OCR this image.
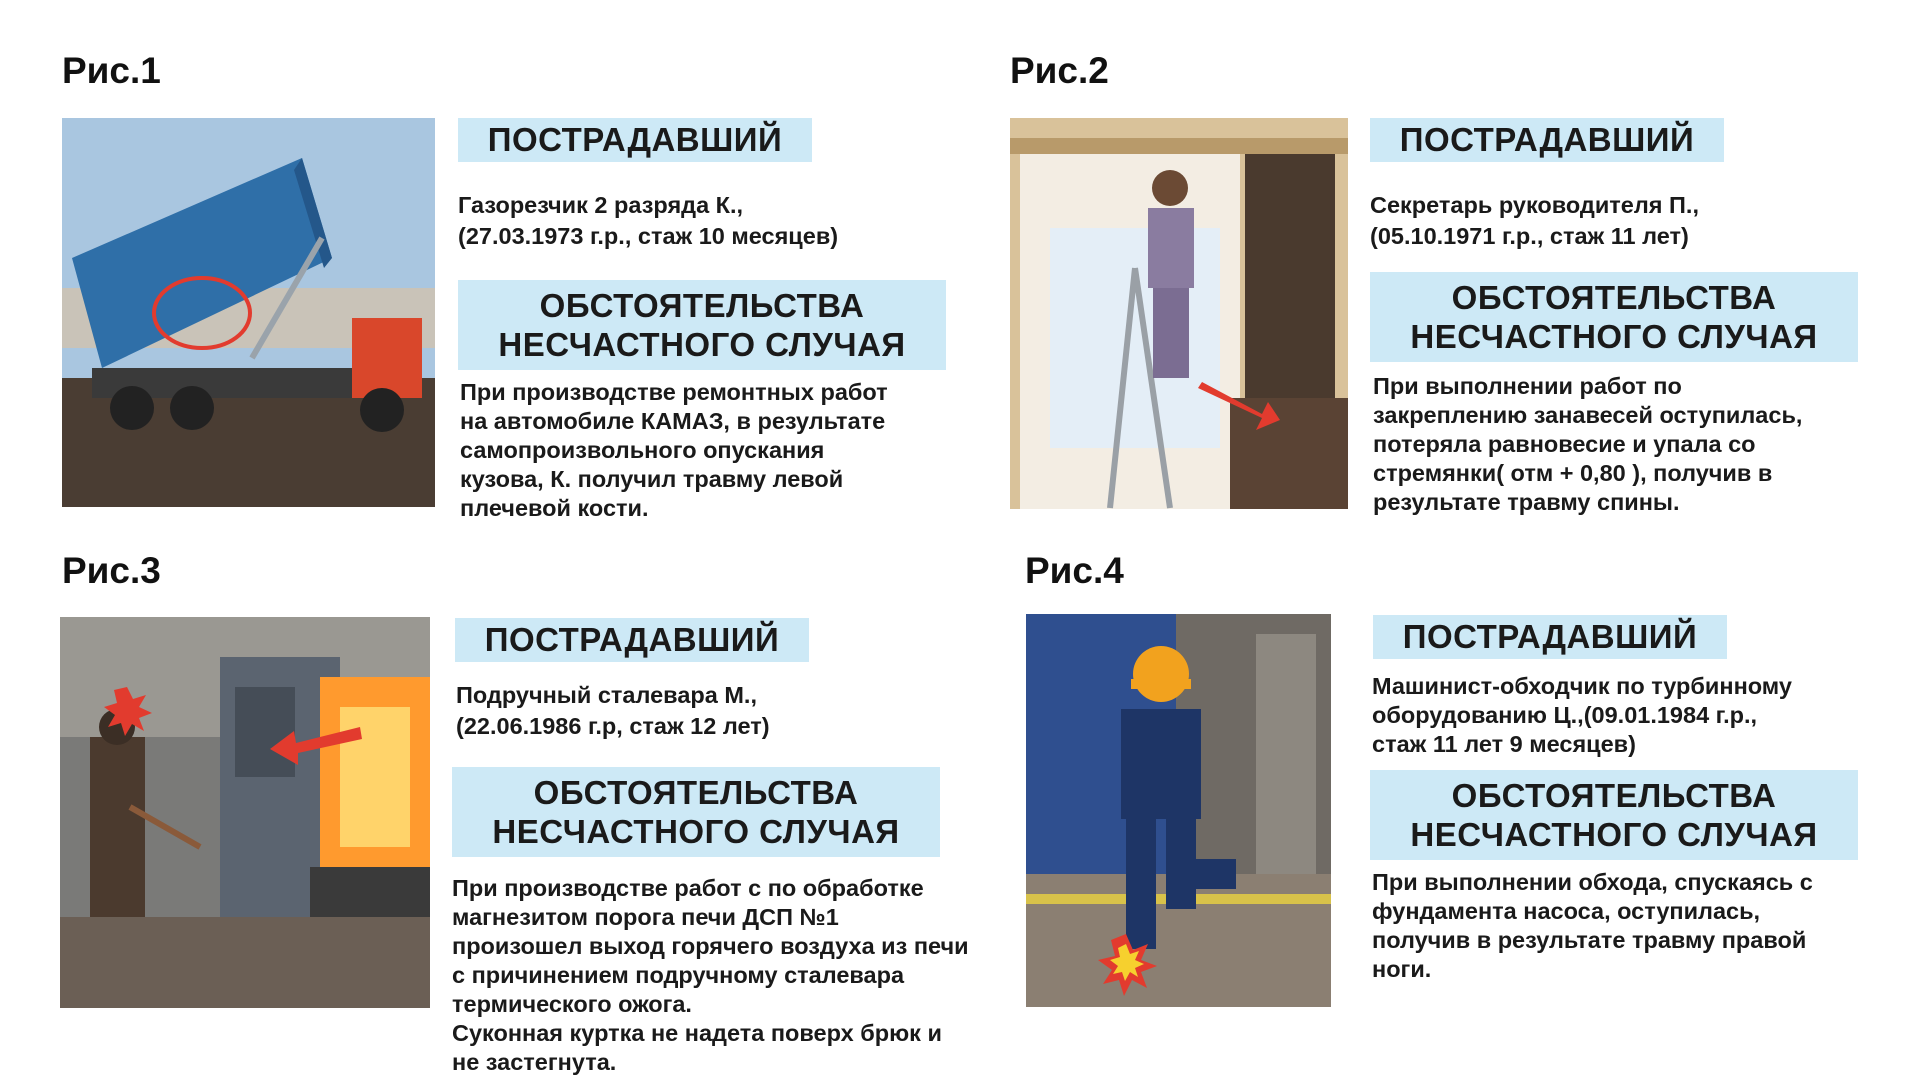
Рис.1
ПОСТРАДАВШИЙ
Газорезчик 2 разряда К.,
(27.03.1973 г.р., стаж 10 месяцев)
ОБСТОЯТЕЛЬСТВА
НЕСЧАСТНОГО СЛУЧАЯ
При производстве ремонтных работ
на автомобиле КАМАЗ, в результате
самопроизвольного опускания
кузова, К. получил травму левой
плечевой кости.
Рис.2
ПОСТРАДАВШИЙ
Секретарь руководителя П.,
(05.10.1971 г.р., стаж 11 лет)
ОБСТОЯТЕЛЬСТВА
НЕСЧАСТНОГО СЛУЧАЯ
При выполнении работ по
закреплению занавесей оступилась,
потеряла равновесие и упала со
стремянки( отм + 0,80 ), получив в
результате травму спины.
Рис.3
ПОСТРАДАВШИЙ
Подручный сталевара М.,
(22.06.1986 г.р, стаж 12 лет)
ОБСТОЯТЕЛЬСТВА
НЕСЧАСТНОГО СЛУЧАЯ
При производстве работ с по обработке
магнезитом порога печи ДСП №1
произошел выход горячего воздуха из печи
с причинением подручному сталевара
термического ожога.
Суконная куртка не надета поверх брюк и
не застегнута.
Рис.4
ПОСТРАДАВШИЙ
Машинист-обходчик по турбинному
оборудованию Ц.,(09.01.1984 г.р.,
стаж 11 лет 9 месяцев)
ОБСТОЯТЕЛЬСТВА
НЕСЧАСТНОГО СЛУЧАЯ
При выполнении обхода, спускаясь с
фундамента насоса, оступилась,
получив в результате травму правой
ноги.
